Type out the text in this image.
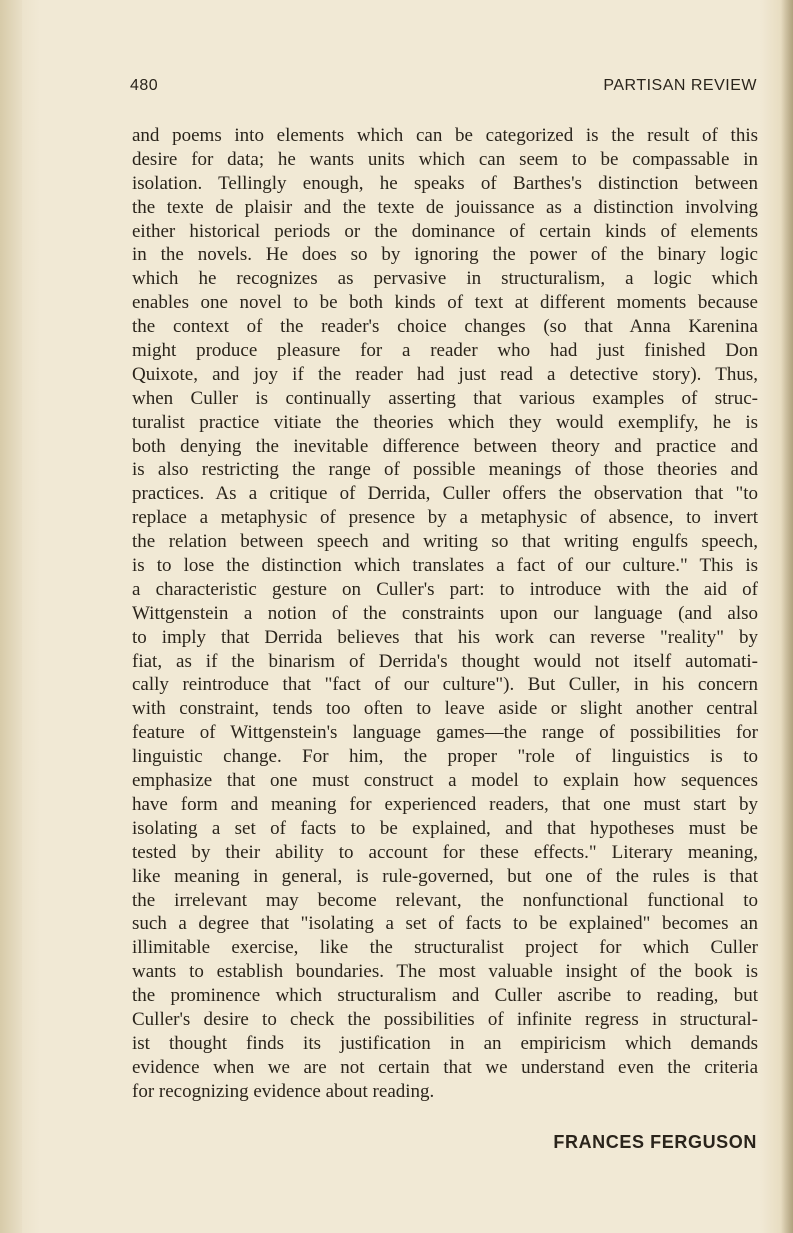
480	PARTISAN REVIEW
and poems into elements which can be categorized is the result of this
desire for data; he wants units which can seem to be compassable in
isolation. Tellingly enough, he speaks of Barthes's distinction between
the texte de plaisir and the texte de jouissance as a distinction involving
either historical periods or the dominance of certain kinds of elements
in the novels. He does so by ignoring the power of the binary logic
which he recognizes as pervasive in structuralism, a logic which
enables one novel to be both kinds of text at different moments because
the context of the reader's choice changes (so that Anna Karenina
might produce pleasure for a reader who had just finished Don
Quixote, and joy if the reader had just read a detective story). Thus,
when Culler is continually asserting that various examples of struc-
turalist practice vitiate the theories which they would exemplify, he is
both denying the inevitable difference between theory and practice and
is also restricting the range of possible meanings of those theories and
practices. As a critique of Derrida, Culler offers the observation that "to
replace a metaphysic of presence by a metaphysic of absence, to invert
the relation between speech and writing so that writing engulfs speech,
is to lose the distinction which translates a fact of our culture." This is
a characteristic gesture on Culler's part: to introduce with the aid of
Wittgenstein a notion of the constraints upon our language (and also
to imply that Derrida believes that his work can reverse "reality" by
fiat, as if the binarism of Derrida's thought would not itself automati-
cally reintroduce that "fact of our culture"). But Culler, in his concern
with constraint, tends too often to leave aside or slight another central
feature of Wittgenstein's language games—the range of possibilities for
linguistic change. For him, the proper "role of linguistics is to
emphasize that one must construct a model to explain how sequences
have form and meaning for experienced readers, that one must start by
isolating a set of facts to be explained, and that hypotheses must be
tested by their ability to account for these effects." Literary meaning,
like meaning in general, is rule-governed, but one of the rules is that
the irrelevant may become relevant, the nonfunctional functional to
such a degree that "isolating a set of facts to be explained" becomes an
illimitable exercise, like the structuralist project for which Culler
wants to establish boundaries. The most valuable insight of the book is
the prominence which structuralism and Culler ascribe to reading, but
Culler's desire to check the possibilities of infinite regress in structural-
ist thought finds its justification in an empiricism which demands
evidence when we are not certain that we understand even the criteria
for recognizing evidence about reading.
FRANCES FERGUSON
